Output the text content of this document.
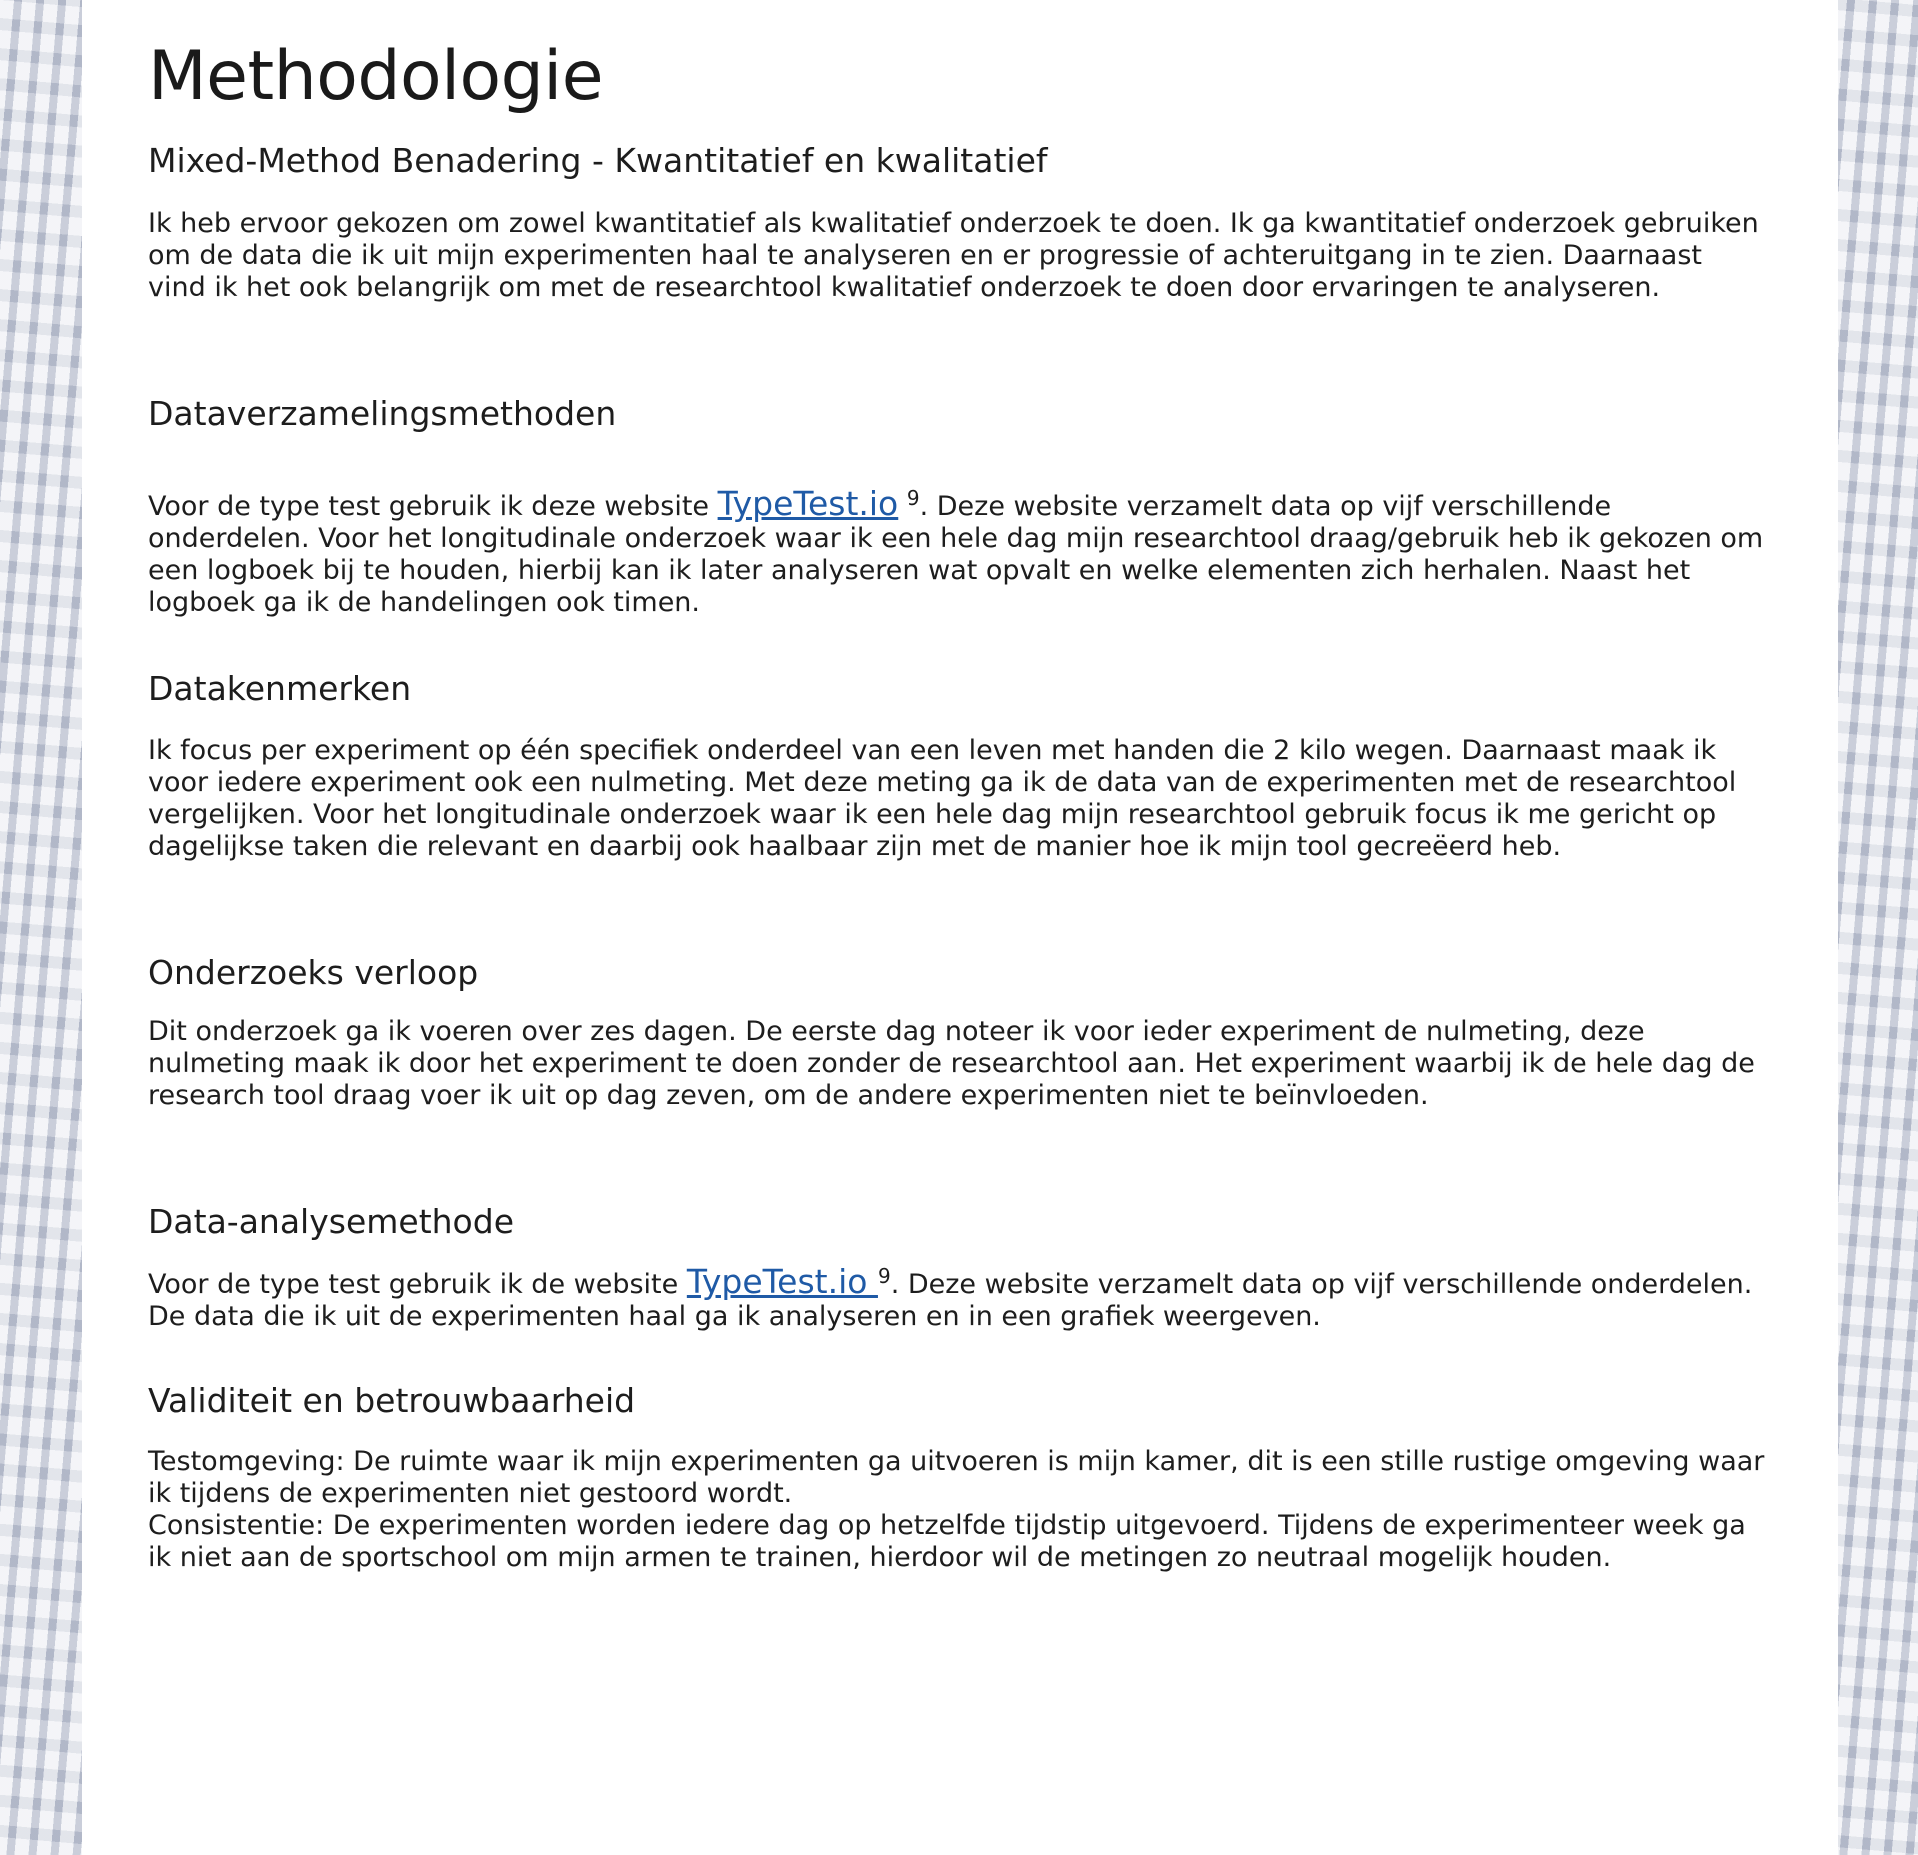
Methodologie
Mixed-Method Benadering - Kwantitatief en kwalitatief

Ik heb ervoor gekozen om zowel kwantitatief als kwalitatief onderzoek te doen. Ik ga kwantitatief onderzoek gebruiken om de data die ik uit mijn experimenten haal te analyseren en er progressie of achteruitgang in te zien. Daarnaast vind ik het ook belangrijk om met de researchtool kwalitatief onderzoek te doen door ervaringen te analyseren.

Dataverzamelingsmethoden

Voor de type test gebruik ik deze website TypeTest.io $^9$. Deze website verzamelt data op vijf verschillende onderdelen. Voor het longitudinale onderzoek waar ik een hele dag mijn researchtool draag/gebruik heb ik gekozen om een logboek bij te houden, hierbij kan ik later analyseren wat opvalt en welke elementen zich herhalen. Naast het logboek ga ik de handelingen ook timen.

Datakenmerken

Ik focus per experiment op één specifiek onderdeel van een leven met handen die 2 kilo wegen. Daarnaast maak ik voor iedere experiment ook een nulmeting. Met deze meting ga ik de data van de experimenten met de researchtool vergelijken. Voor het longitudinale onderzoek waar ik een hele dag mijn researchtool gebruik focus ik me gericht op dagelijkse taken die relevant en daarbij ook haalbaar zijn met de manier hoe ik mijn tool gecreëerd heb.

Onderzoeks verloop

Dit onderzoek ga ik voeren over zes dagen. De eerste dag noteer ik voor ieder experiment de nulmeting, deze nulmeting maak ik door het experiment te doen zonder de researchtool aan. Het experiment waarbij ik de hele dag de research tool draag voer ik uit op dag zeven, om de andere experimenten niet te beïnvloeden.

Data-analysemethode

Voor de type test gebruik ik de website TypeTest.io $^9$. Deze website verzamelt data op vijf verschillende onderdelen. De data die ik uit de experimenten haal ga ik analyseren en in een grafiek weergeven.

Validiteit en betrouwbaarheid

Testomgeving: De ruimte waar ik mijn experimenten ga uitvoeren is mijn kamer, dit is een stille rustige omgeving waar ik tijdens de experimenten niet gestoord wordt.

Consistentie: De experimenten worden iedere dag op hetzelfde tijdstip uitgevoerd. Tijdens de experimenteer week ga ik niet aan de sportschool om mijn armen te trainen, hierdoor wil de metingen zo neutraal mogelijk houden.
